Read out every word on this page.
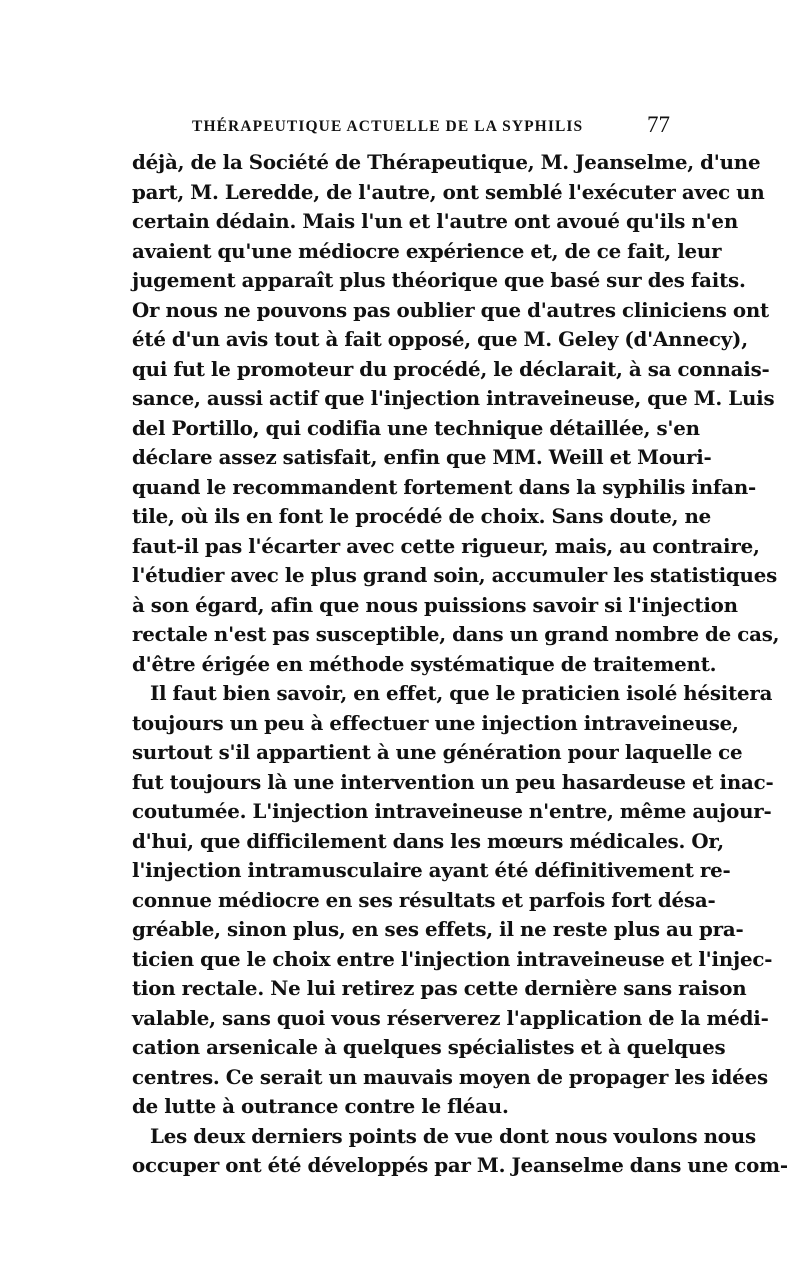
THÉRAPEUTIQUE ACTUELLE DE LA SYPHILIS	77
déjà, de la Société de Thérapeutique, M. Jeanselme, d'une
part, M. Leredde, de l'autre, ont semblé l'exécuter avec un
certain dédain. Mais l'un et l'autre ont avoué qu'ils n'en
avaient qu'une médiocre expérience et, de ce fait, leur
jugement apparaît plus théorique que basé sur des faits.
Or nous ne pouvons pas oublier que d'autres cliniciens ont
été d'un avis tout à fait opposé, que M. Geley (d'Annecy),
qui fut le promoteur du procédé, le déclarait, à sa connais-
sance, aussi actif que l'injection intraveineuse, que M. Luis
del Portillo, qui codifia une technique détaillée, s'en
déclare assez satisfait, enfin que MM. Weill et Mouri-
quand le recommandent fortement dans la syphilis infan-
tile, où ils en font le procédé de choix. Sans doute, ne
faut-il pas l'écarter avec cette rigueur, mais, au contraire,
l'étudier avec le plus grand soin, accumuler les statistiques
à son égard, afin que nous puissions savoir si l'injection
rectale n'est pas susceptible, dans un grand nombre de cas,
d'être érigée en méthode systématique de traitement.
Il faut bien savoir, en effet, que le praticien isolé hésitera
toujours un peu à effectuer une injection intraveineuse,
surtout s'il appartient à une génération pour laquelle ce
fut toujours là une intervention un peu hasardeuse et inac-
coutumée. L'injection intraveineuse n'entre, même aujour-
d'hui, que difficilement dans les mœurs médicales. Or,
l'injection intramusculaire ayant été définitivement re-
connue médiocre en ses résultats et parfois fort désa-
gréable, sinon plus, en ses effets, il ne reste plus au pra-
ticien que le choix entre l'injection intraveineuse et l'injec-
tion rectale. Ne lui retirez pas cette dernière sans raison
valable, sans quoi vous réserverez l'application de la médi-
cation arsenicale à quelques spécialistes et à quelques
centres. Ce serait un mauvais moyen de propager les idées
de lutte à outrance contre le fléau.
Les deux derniers points de vue dont nous voulons nous
occuper ont été développés par M. Jeanselme dans une com-
